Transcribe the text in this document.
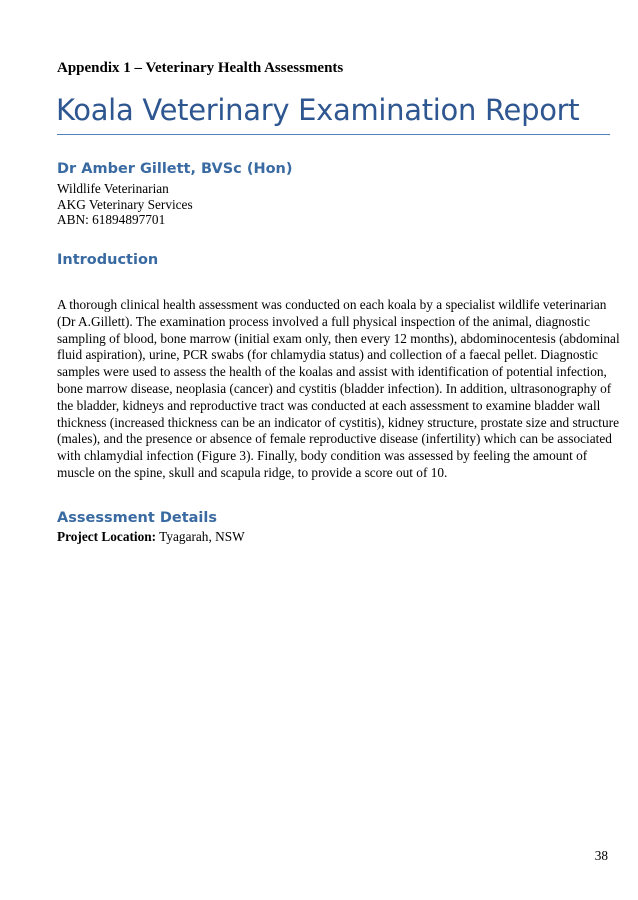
Appendix 1 – Veterinary Health Assessments
Koala Veterinary Examination Report
Dr Amber Gillett, BVSc (Hon)
Wildlife Veterinarian
AKG Veterinary Services
ABN: 61894897701
Introduction
A thorough clinical health assessment was conducted on each koala by a specialist wildlife veterinarian
(Dr A.Gillett). The examination process involved a full physical inspection of the animal, diagnostic
sampling of blood, bone marrow (initial exam only, then every 12 months), abdominocentesis (abdominal
fluid aspiration), urine, PCR swabs (for chlamydia status) and collection of a faecal pellet. Diagnostic
samples were used to assess the health of the koalas and assist with identification of potential infection,
bone marrow disease, neoplasia (cancer) and cystitis (bladder infection). In addition, ultrasonography of
the bladder, kidneys and reproductive tract was conducted at each assessment to examine bladder wall
thickness (increased thickness can be an indicator of cystitis), kidney structure, prostate size and structure
(males), and the presence or absence of female reproductive disease (infertility) which can be associated
with chlamydial infection (Figure 3). Finally, body condition was assessed by feeling the amount of
muscle on the spine, skull and scapula ridge, to provide a score out of 10.
Assessment Details
Project Location: Tyagarah, NSW
38
